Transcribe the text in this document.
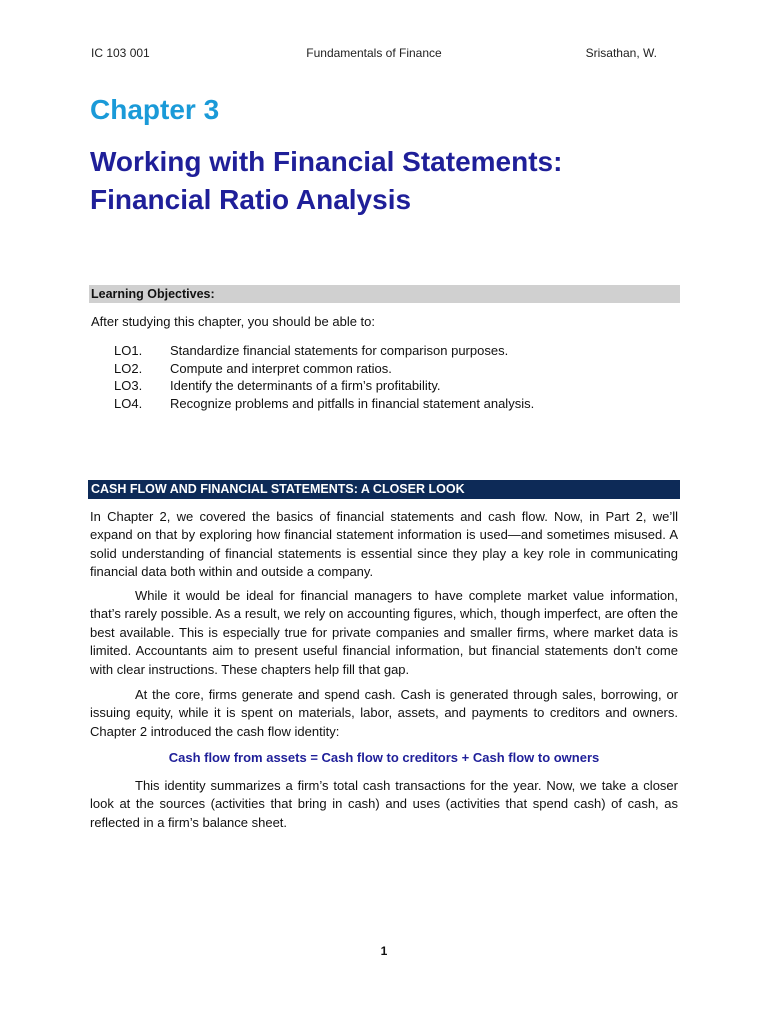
IC 103 001	Fundamentals of Finance	Srisathan, W.
Chapter 3
Working with Financial Statements:
Financial Ratio Analysis
Learning Objectives:
After studying this chapter, you should be able to:
LO1.	Standardize financial statements for comparison purposes.
LO2.	Compute and interpret common ratios.
LO3.	Identify the determinants of a firm’s profitability.
LO4.	Recognize problems and pitfalls in financial statement analysis.
CASH FLOW AND FINANCIAL STATEMENTS: A CLOSER LOOK

In Chapter 2, we covered the basics of financial statements and cash flow. Now, in Part 2, we’ll expand on that by exploring how financial statement information is used—and sometimes misused. A solid understanding of financial statements is essential since they play a key role in communicating financial data both within and outside a company.

While it would be ideal for financial managers to have complete market value information, that’s rarely possible. As a result, we rely on accounting figures, which, though imperfect, are often the best available. This is especially true for private companies and smaller firms, where market data is limited. Accountants aim to present useful financial information, but financial statements don't come with clear instructions. These chapters help fill that gap.

At the core, firms generate and spend cash. Cash is generated through sales, borrowing, or issuing equity, while it is spent on materials, labor, assets, and payments to creditors and owners. Chapter 2 introduced the cash flow identity:

Cash flow from assets = Cash flow to creditors + Cash flow to owners

This identity summarizes a firm’s total cash transactions for the year. Now, we take a closer look at the sources (activities that bring in cash) and uses (activities that spend cash) of cash, as reflected in a firm’s balance sheet.

1
